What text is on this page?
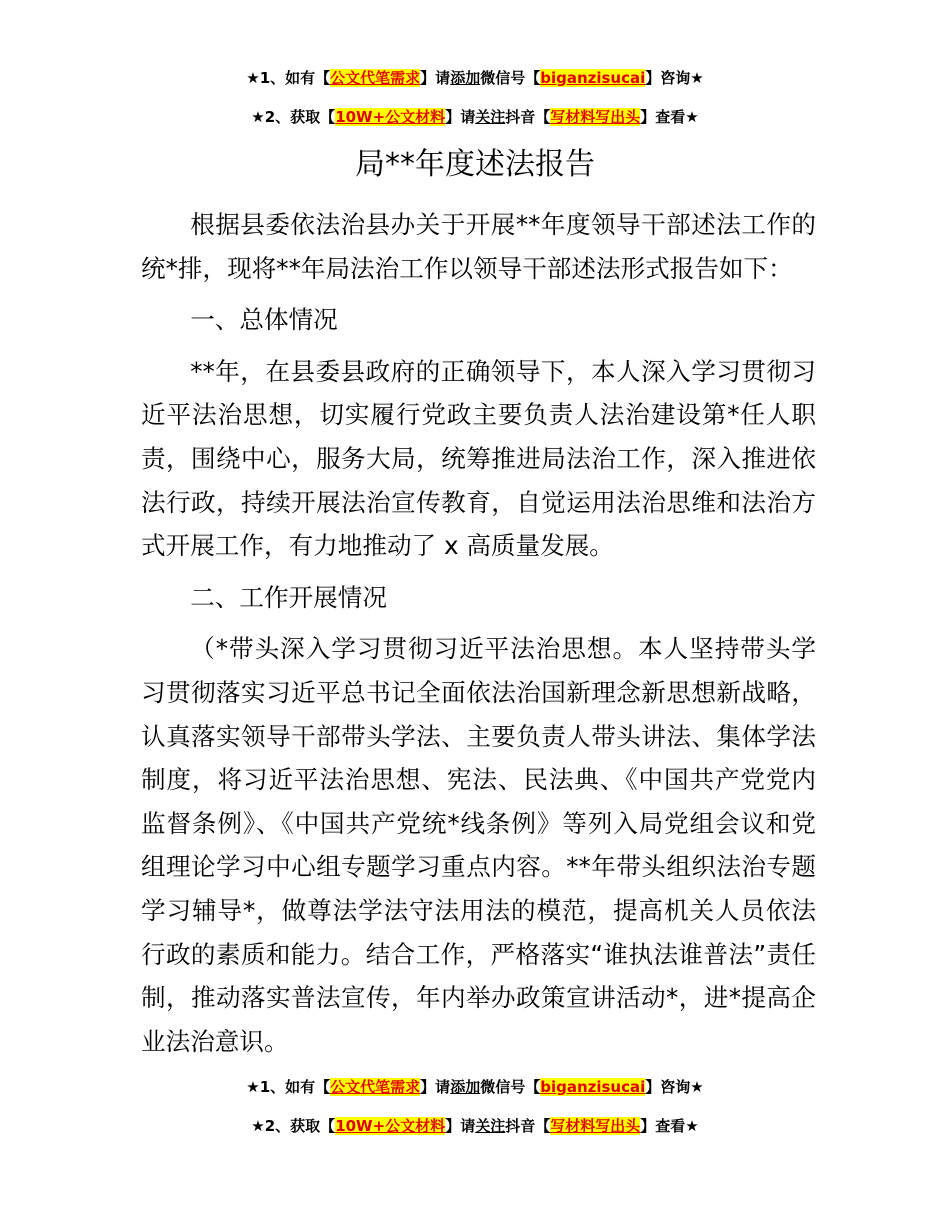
★1、如有【公文代笔需求】请添加微信号【biganzisucai】咨询★
★2、获取【10W+公文材料】请关注抖音【写材料写出头】查看★
局**年度述法报告

根据县委依法治县办关于开展**年度领导干部述法工作的统*排，现将**年局法治工作以领导干部述法形式报告如下：

一、总体情况

**年，在县委县政府的正确领导下，本人深入学习贯彻习近平法治思想，切实履行党政主要负责人法治建设第*任人职责，围绕中心，服务大局，统筹推进局法治工作，深入推进依法行政，持续开展法治宣传教育，自觉运用法治思维和法治方式开展工作，有力地推动了 x 高质量发展。

二、工作开展情况

（*带头深入学习贯彻习近平法治思想。本人坚持带头学习贯彻落实习近平总书记全面依法治国新理念新思想新战略，认真落实领导干部带头学法、主要负责人带头讲法、集体学法制度，将习近平法治思想、宪法、民法典、《中国共产党党内监督条例》、《中国共产党统*线条例》等列入局党组会议和党组理论学习中心组专题学习重点内容。**年带头组织法治专题学习辅导*，做尊法学法守法用法的模范，提高机关人员依法行政的素质和能力。结合工作，严格落实“谁执法谁普法”责任制，推动落实普法宣传，年内举办政策宣讲活动*，进*提高企业法治意识。

★1、如有【公文代笔需求】请添加微信号【biganzisucai】咨询★
★2、获取【10W+公文材料】请关注抖音【写材料写出头】查看★
